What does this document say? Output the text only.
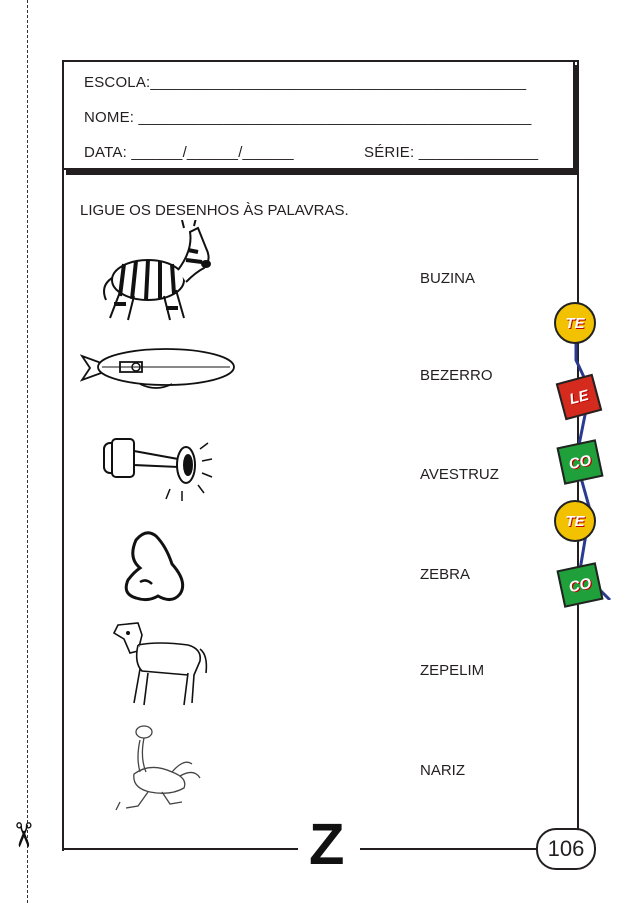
✂
ESCOLA:____________________________________________
NOME: ______________________________________________
DATA: ______/______/______	SÉRIE: ______________
LIGUE OS DESENHOS ÀS PALAVRAS.
BUZINA
BEZERRO
AVESTRUZ
ZEBRA
ZEPELIM
NARIZ
TE
LE
CO
TE
CO
Z	106
